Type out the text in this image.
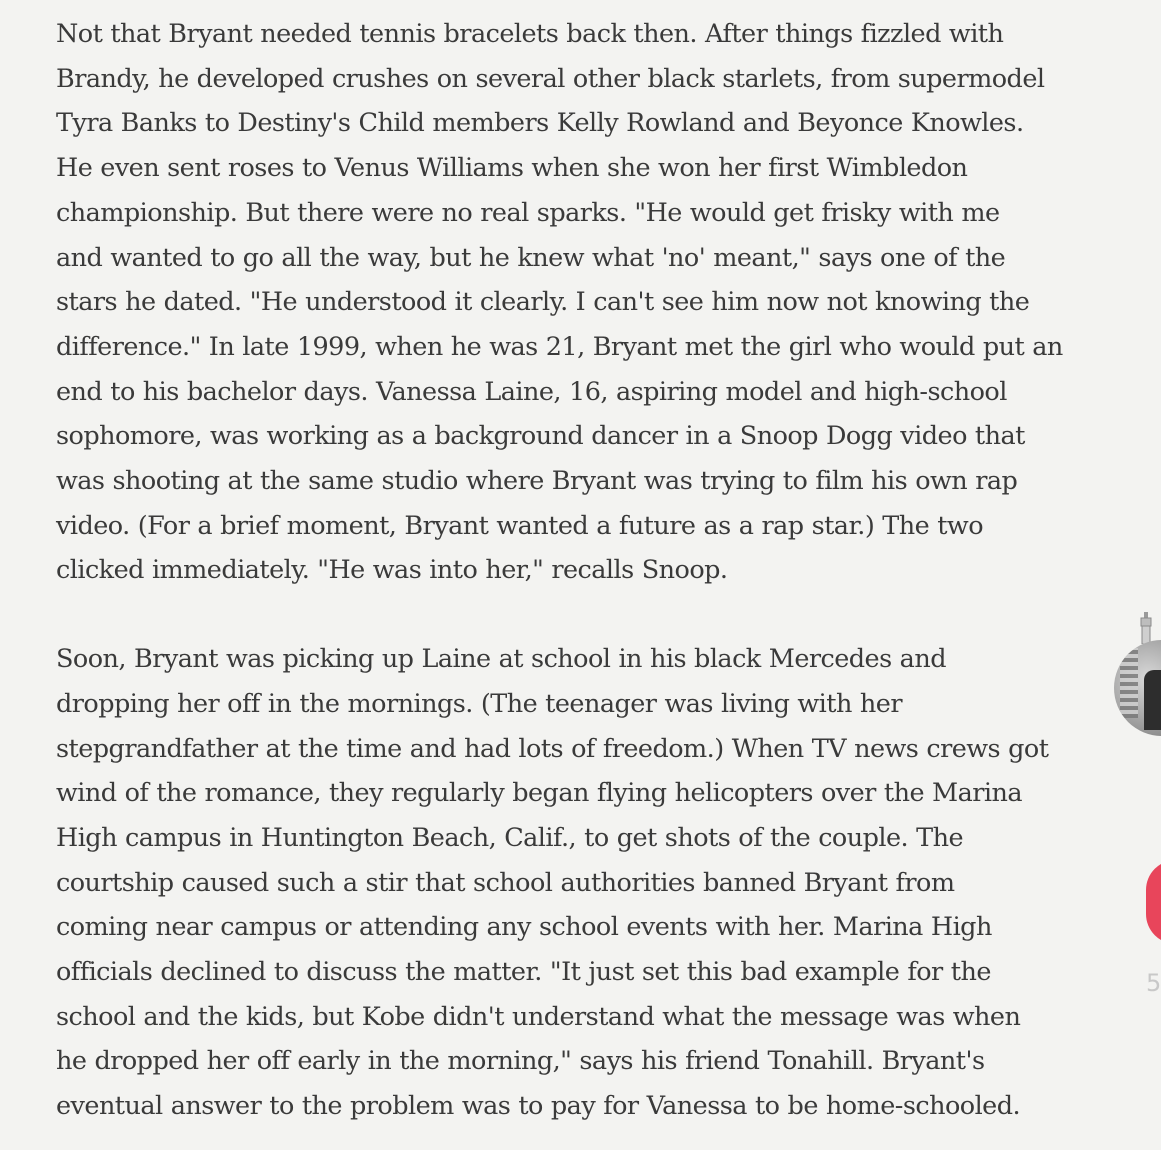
Not that Bryant needed tennis bracelets back then. After things fizzled with
Brandy, he developed crushes on several other black starlets, from supermodel
Tyra Banks to Destiny's Child members Kelly Rowland and Beyonce Knowles.
He even sent roses to Venus Williams when she won her first Wimbledon
championship. But there were no real sparks. "He would get frisky with me
and wanted to go all the way, but he knew what 'no' meant," says one of the
stars he dated. "He understood it clearly. I can't see him now not knowing the
difference." In late 1999, when he was 21, Bryant met the girl who would put an
end to his bachelor days. Vanessa Laine, 16, aspiring model and high-school
sophomore, was working as a background dancer in a Snoop Dogg video that
was shooting at the same studio where Bryant was trying to film his own rap
video. (For a brief moment, Bryant wanted a future as a rap star.) The two
clicked immediately. "He was into her," recalls Snoop.

Soon, Bryant was picking up Laine at school in his black Mercedes and
dropping her off in the mornings. (The teenager was living with her
stepgrandfather at the time and had lots of freedom.) When TV news crews got
wind of the romance, they regularly began flying helicopters over the Marina
High campus in Huntington Beach, Calif., to get shots of the couple. The
courtship caused such a stir that school authorities banned Bryant from
coming near campus or attending any school events with her. Marina High
officials declined to discuss the matter. "It just set this bad example for the
school and the kids, but Kobe didn't understand what the message was when
he dropped her off early in the morning," says his friend Tonahill. Bryant's
eventual answer to the problem was to pay for Vanessa to be home-schooled.

5
